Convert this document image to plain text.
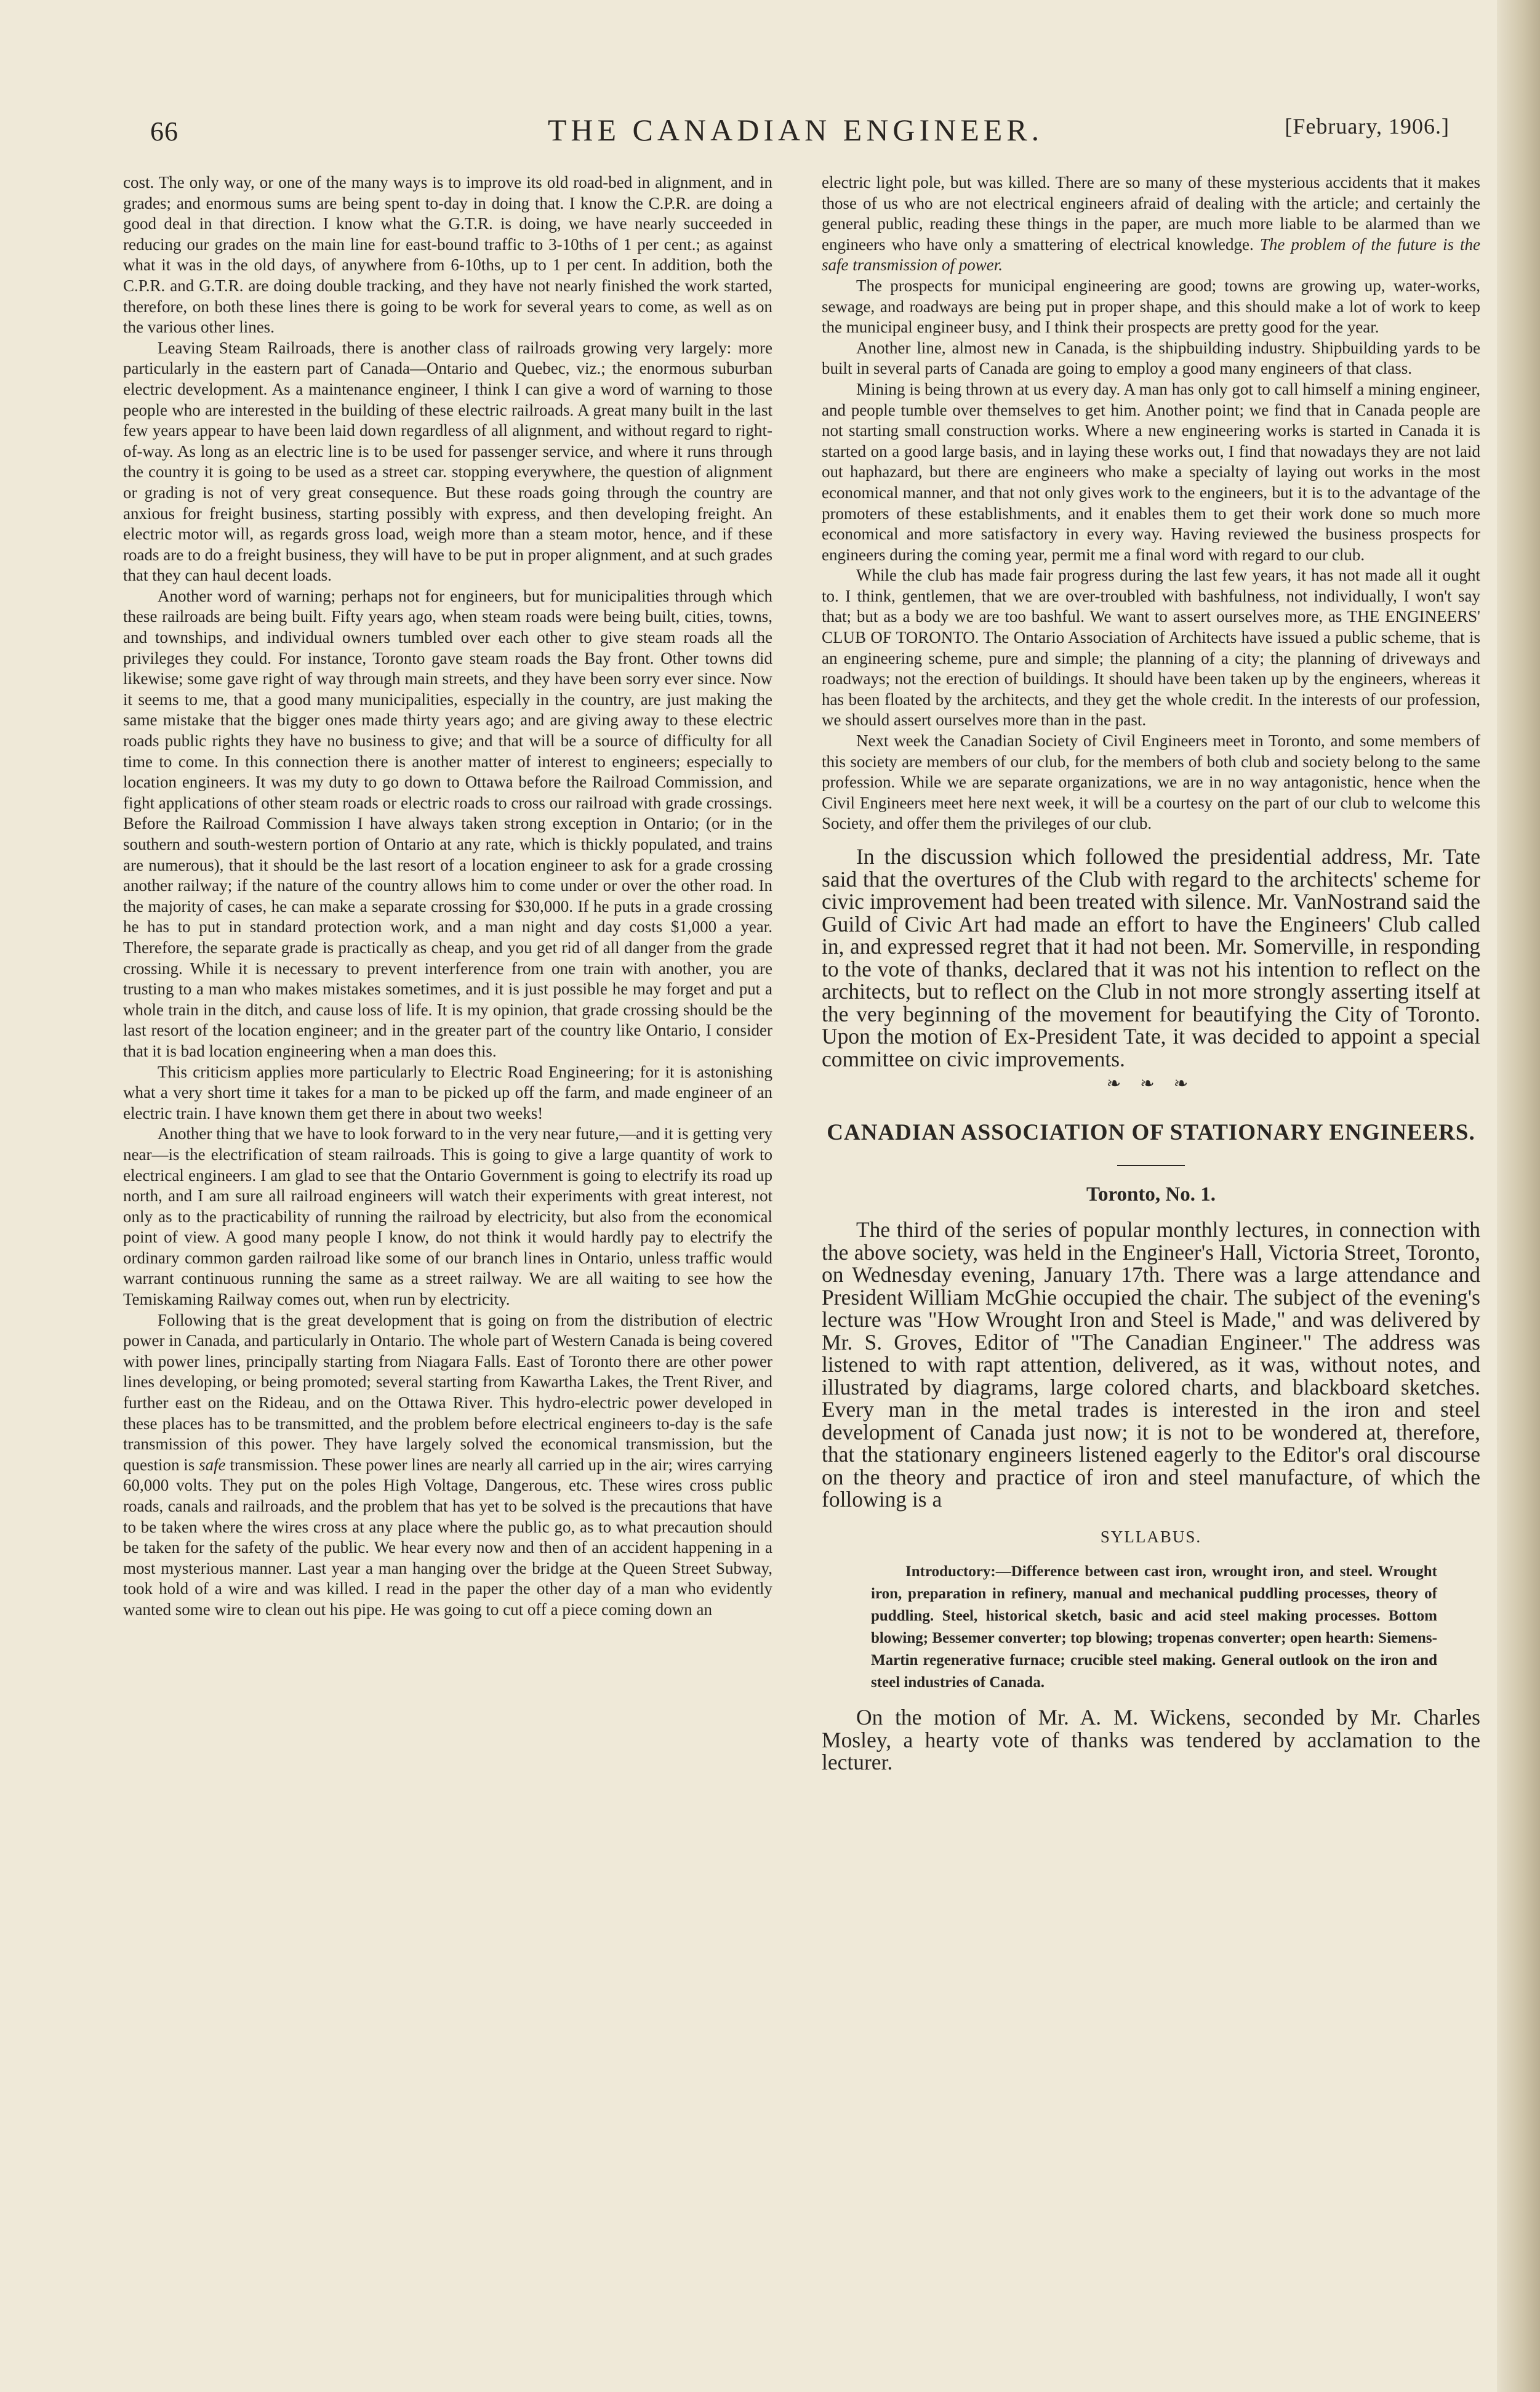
66	THE CANADIAN ENGINEER.	[February, 1906.]

cost. The only way, or one of the many ways is to improve its old road-bed in alignment, and in grades; and enormous sums are being spent to-day in doing that. I know the C.P.R. are doing a good deal in that direction. I know what the G.T.R. is doing, we have nearly succeeded in reducing our grades on the main line for east-bound traffic to 3-10ths of 1 per cent.; as against what it was in the old days, of anywhere from 6-10ths, up to 1 per cent. In addition, both the C.P.R. and G.T.R. are doing double tracking, and they have not nearly finished the work started, therefore, on both these lines there is going to be work for several years to come, as well as on the various other lines.

Leaving Steam Railroads, there is another class of railroads growing very largely: more particularly in the eastern part of Canada—Ontario and Quebec, viz.; the enormous suburban electric development. As a maintenance engineer, I think I can give a word of warning to those people who are interested in the building of these electric railroads. A great many built in the last few years appear to have been laid down regardless of all alignment, and without regard to right-of-way. As long as an electric line is to be used for passenger service, and where it runs through the country it is going to be used as a street car. stopping everywhere, the question of alignment or grading is not of very great consequence. But these roads going through the country are anxious for freight business, starting possibly with express, and then developing freight. An electric motor will, as regards gross load, weigh more than a steam motor, hence, and if these roads are to do a freight business, they will have to be put in proper alignment, and at such grades that they can haul decent loads.

Another word of warning; perhaps not for engineers, but for municipalities through which these railroads are being built. Fifty years ago, when steam roads were being built, cities, towns, and townships, and individual owners tumbled over each other to give steam roads all the privileges they could. For instance, Toronto gave steam roads the Bay front. Other towns did likewise; some gave right of way through main streets, and they have been sorry ever since. Now it seems to me, that a good many municipalities, especially in the country, are just making the same mistake that the bigger ones made thirty years ago; and are giving away to these electric roads public rights they have no business to give; and that will be a source of difficulty for all time to come. In this connection there is another matter of interest to engineers; especially to location engineers. It was my duty to go down to Ottawa before the Railroad Commission, and fight applications of other steam roads or electric roads to cross our railroad with grade crossings. Before the Railroad Commission I have always taken strong exception in Ontario; (or in the southern and south-western portion of Ontario at any rate, which is thickly populated, and trains are numerous), that it should be the last resort of a location engineer to ask for a grade crossing another railway; if the nature of the country allows him to come under or over the other road. In the majority of cases, he can make a separate crossing for $30,000. If he puts in a grade crossing he has to put in standard protection work, and a man night and day costs $1,000 a year. Therefore, the separate grade is practically as cheap, and you get rid of all danger from the grade crossing. While it is necessary to prevent interference from one train with another, you are trusting to a man who makes mistakes sometimes, and it is just possible he may forget and put a whole train in the ditch, and cause loss of life. It is my opinion, that grade crossing should be the last resort of the location engineer; and in the greater part of the country like Ontario, I consider that it is bad location engineering when a man does this.

This criticism applies more particularly to Electric Road Engineering; for it is astonishing what a very short time it takes for a man to be picked up off the farm, and made engineer of an electric train. I have known them get there in about two weeks!

Another thing that we have to look forward to in the very near future,—and it is getting very near—is the electrification of steam railroads. This is going to give a large quantity of work to electrical engineers. I am glad to see that the Ontario Government is going to electrify its road up north, and I am sure all railroad engineers will watch their experiments with great interest, not only as to the practicability of running the railroad by electricity, but also from the economical point of view. A good many people I know, do not think it would hardly pay to electrify the ordinary common garden railroad like some of our branch lines in Ontario, unless traffic would warrant continuous running the same as a street railway. We are all waiting to see how the Temiskaming Railway comes out, when run by electricity.

Following that is the great development that is going on from the distribution of electric power in Canada, and particularly in Ontario. The whole part of Western Canada is being covered with power lines, principally starting from Niagara Falls. East of Toronto there are other power lines developing, or being promoted; several starting from Kawartha Lakes, the Trent River, and further east on the Rideau, and on the Ottawa River. This hydro-electric power developed in these places has to be transmitted, and the problem before electrical engineers to-day is the safe transmission of this power. They have largely solved the economical transmission, but the question is safe transmission. These power lines are nearly all carried up in the air; wires carrying 60,000 volts. They put on the poles High Voltage, Dangerous, etc. These wires cross public roads, canals and railroads, and the problem that has yet to be solved is the precautions that have to be taken where the wires cross at any place where the public go, as to what precaution should be taken for the safety of the public. We hear every now and then of an accident happening in a most mysterious manner. Last year a man hanging over the bridge at the Queen Street Subway, took hold of a wire and was killed. I read in the paper the other day of a man who evidently wanted some wire to clean out his pipe. He was going to cut off a piece coming down an

electric light pole, but was killed. There are so many of these mysterious accidents that it makes those of us who are not electrical engineers afraid of dealing with the article; and certainly the general public, reading these things in the paper, are much more liable to be alarmed than we engineers who have only a smattering of electrical knowledge. The problem of the future is the safe transmission of power.

The prospects for municipal engineering are good; towns are growing up, water-works, sewage, and roadways are being put in proper shape, and this should make a lot of work to keep the municipal engineer busy, and I think their prospects are pretty good for the year.

Another line, almost new in Canada, is the shipbuilding industry. Shipbuilding yards to be built in several parts of Canada are going to employ a good many engineers of that class.

Mining is being thrown at us every day. A man has only got to call himself a mining engineer, and people tumble over themselves to get him. Another point; we find that in Canada people are not starting small construction works. Where a new engineering works is started in Canada it is started on a good large basis, and in laying these works out, I find that nowadays they are not laid out haphazard, but there are engineers who make a specialty of laying out works in the most economical manner, and that not only gives work to the engineers, but it is to the advantage of the promoters of these establishments, and it enables them to get their work done so much more economical and more satisfactory in every way. Having reviewed the business prospects for engineers during the coming year, permit me a final word with regard to our club.

While the club has made fair progress during the last few years, it has not made all it ought to. I think, gentlemen, that we are over-troubled with bashfulness, not individually, I won't say that; but as a body we are too bashful. We want to assert ourselves more, as THE ENGINEERS' CLUB OF TORONTO. The Ontario Association of Architects have issued a public scheme, that is an engineering scheme, pure and simple; the planning of a city; the planning of driveways and roadways; not the erection of buildings. It should have been taken up by the engineers, whereas it has been floated by the architects, and they get the whole credit. In the interests of our profession, we should assert ourselves more than in the past.

Next week the Canadian Society of Civil Engineers meet in Toronto, and some members of this society are members of our club, for the members of both club and society belong to the same profession. While we are separate organizations, we are in no way antagonistic, hence when the Civil Engineers meet here next week, it will be a courtesy on the part of our club to welcome this Society, and offer them the privileges of our club.

In the discussion which followed the presidential address, Mr. Tate said that the overtures of the Club with regard to the architects' scheme for civic improvement had been treated with silence. Mr. VanNostrand said the Guild of Civic Art had made an effort to have the Engineers' Club called in, and expressed regret that it had not been. Mr. Somerville, in responding to the vote of thanks, declared that it was not his intention to reflect on the architects, but to reflect on the Club in not more strongly asserting itself at the very beginning of the movement for beautifying the City of Toronto. Upon the motion of Ex-President Tate, it was decided to appoint a special committee on civic improvements.

❧ ❧ ❧
CANADIAN ASSOCIATION OF STATIONARY ENGINEERS.
Toronto, No. 1.

The third of the series of popular monthly lectures, in connection with the above society, was held in the Engineer's Hall, Victoria Street, Toronto, on Wednesday evening, January 17th. There was a large attendance and President William McGhie occupied the chair. The subject of the evening's lecture was "How Wrought Iron and Steel is Made," and was delivered by Mr. S. Groves, Editor of "The Canadian Engineer." The address was listened to with rapt attention, delivered, as it was, without notes, and illustrated by diagrams, large colored charts, and blackboard sketches. Every man in the metal trades is interested in the iron and steel development of Canada just now; it is not to be wondered at, therefore, that the stationary engineers listened eagerly to the Editor's oral discourse on the theory and practice of iron and steel manufacture, of which the following is a

SYLLABUS.

Introductory:—Difference between cast iron, wrought iron, and steel. Wrought iron, preparation in refinery, manual and mechanical puddling processes, theory of puddling. Steel, historical sketch, basic and acid steel making processes. Bottom blowing; Bessemer converter; top blowing; tropenas converter; open hearth: Siemens-Martin regenerative furnace; crucible steel making. General outlook on the iron and steel industries of Canada.

On the motion of Mr. A. M. Wickens, seconded by Mr. Charles Mosley, a hearty vote of thanks was tendered by acclamation to the lecturer.
